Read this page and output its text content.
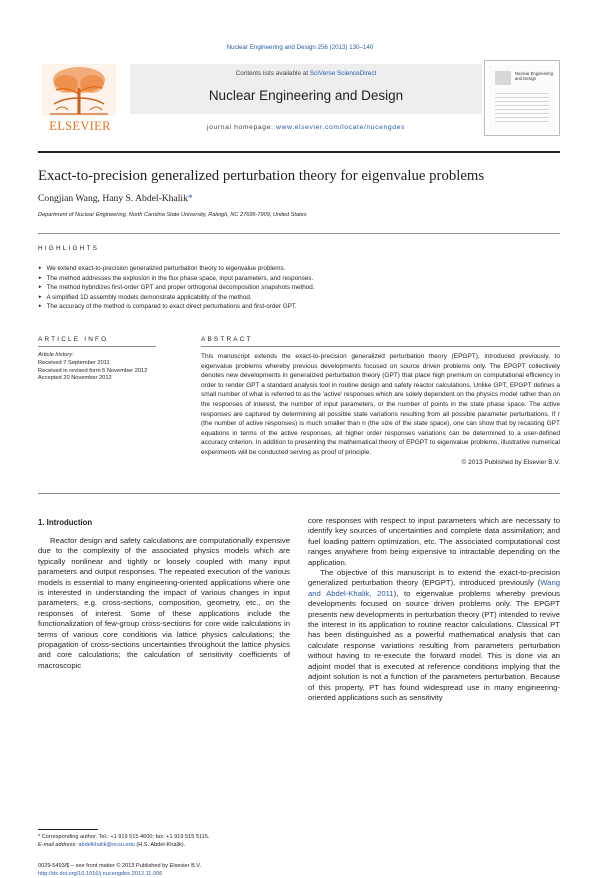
Nuclear Engineering and Design 256 (2013) 130–140
ELSEVIER
Contents lists available at SciVerse ScienceDirect
Nuclear Engineering and Design
journal homepage: www.elsevier.com/locate/nucengdes
Nuclear Engineering and Design
Exact-to-precision generalized perturbation theory for eigenvalue problems
Congjian Wang, Hany S. Abdel-Khalik*
Department of Nuclear Engineering, North Carolina State University, Raleigh, NC 27695-7909, United States
HIGHLIGHTS
► We extend exact-to-precision generalized perturbation theory to eigenvalue problems.
► The method addresses the explosion in the flux phase space, input parameters, and responses.
► The method hybridizes first-order GPT and proper orthogonal decomposition snapshots method.
► A simplified 1D assembly models demonstrate applicability of the method.
► The accuracy of the method is compared to exact direct perturbations and first-order GPT.
ARTICLE INFO	ABSTRACT
Article history:
Received 7 September 2011
Received in revised form 5 November 2012
Accepted 20 November 2012
This manuscript extends the exact-to-precision generalized perturbation theory (EPGPT), introduced previously, to eigenvalue problems whereby previous developments focused on source driven problems only. The EPGPT collectively denotes new developments in generalized perturbation theory (GPT) that place high premium on computational efficiency in order to render GPT a standard analysis tool in routine design and safety reactor calculations. Unlike GPT, EPGPT defines a small number of what is referred to as the 'active' responses which are solely dependent on the physics model rather than on the responses of interest, the number of input parameters, or the number of points in the state phase space. The active responses are captured by determining all possible state variations resulting from all possible parameter perturbations. If r (the number of active responses) is much smaller than n (the size of the state space), one can show that by recasting GPT equations in terms of the active responses, all higher order responses variations can be determined to a user-defined accuracy criterion. In addition to presenting the mathematical theory of EPGPT to eigenvalue problems, illustrative numerical experiments will be conducted serving as proof of principle.
© 2013 Published by Elsevier B.V.
1. Introduction

Reactor design and safety calculations are computationally expensive due to the complexity of the associated physics models which are typically nonlinear and tightly or loosely coupled with many input parameters and output responses. The repeated execution of the various models is essential to many engineering-oriented applications where one is interested in understanding the impact of various changes in input parameters, e.g. cross-sections, composition, geometry, etc., on the responses of interest. Some of these applications include the functionalization of few-group cross-sections for core wide calculations in terms of various core conditions via lattice physics calculations; the propagation of cross-sections uncertainties throughout the lattice physics and core calculations; the calculation of sensitivity coefficients of macroscopic

core responses with respect to input parameters which are necessary to identify key sources of uncertainties and complete data assimilation; and fuel loading pattern optimization, etc. The associated computational cost ranges anywhere from being expensive to intractable depending on the application.

The objective of this manuscript is to extend the exact-to-precision generalized perturbation theory (EPGPT), introduced previously (Wang and Abdel-Khalik, 2011), to eigenvalue problems whereby previous developments focused on source driven problems only. The EPGPT presents new developments in perturbation theory (PT) intended to revive the interest in its application to routine reactor calculations. Classical PT has been distinguished as a powerful mathematical analysis that can calculate response variations resulting from parameters perturbation without having to re-execute the forward model. This is done via an adjoint model that is executed at reference conditions implying that the adjoint solution is not a function of the parameters perturbation. Because of this property, PT has found widespread use in many engineering-oriented applications such as sensitivity

* Corresponding author. Tel.: +1 919 515 4600; fax: +1 919 515 5115.
E-mail address: abdelkhalik@ncsu.edu (H.S. Abdel-Khalik).
0029-5493/$ – see front matter © 2013 Published by Elsevier B.V.
http://dx.doi.org/10.1016/j.nucengdes.2012.11.006
